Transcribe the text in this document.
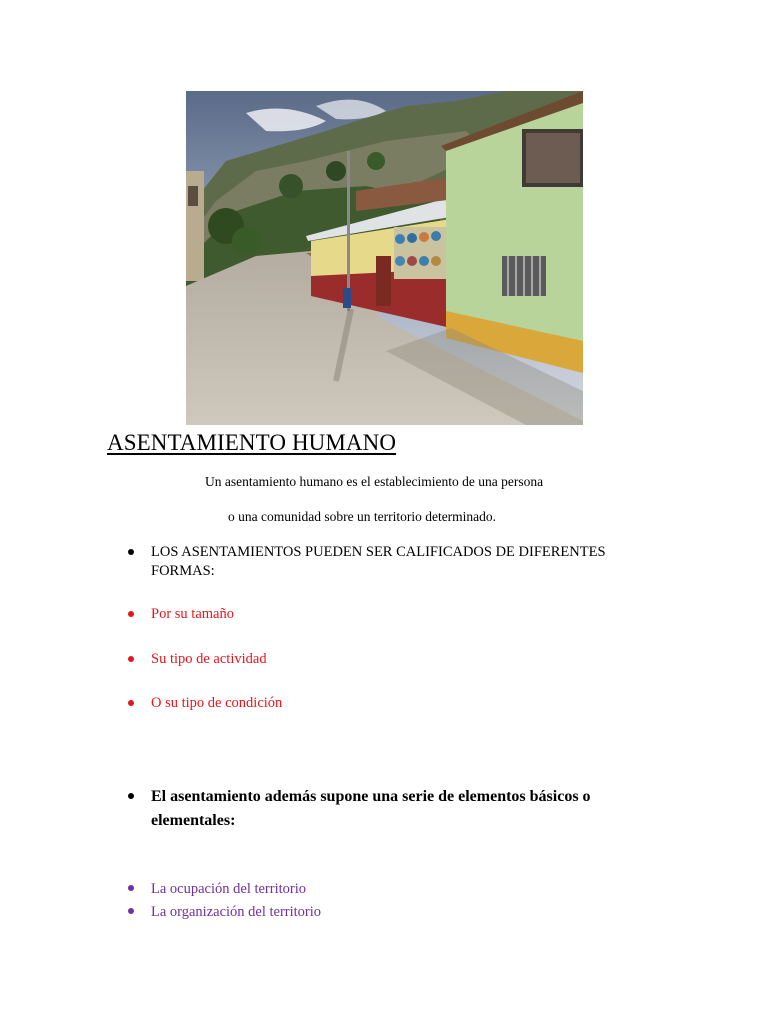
ASENTAMIENTO HUMANO
Un asentamiento humano es el establecimiento de una persona
o una comunidad sobre un territorio determinado.
LOS ASENTAMIENTOS PUEDEN SER CALIFICADOS DE DIFERENTES FORMAS:
Por su tamaño
Su tipo de actividad
O su tipo de condición
El asentamiento además supone una serie de elementos básicos o elementales:
La ocupación del territorio
La organización del territorio
